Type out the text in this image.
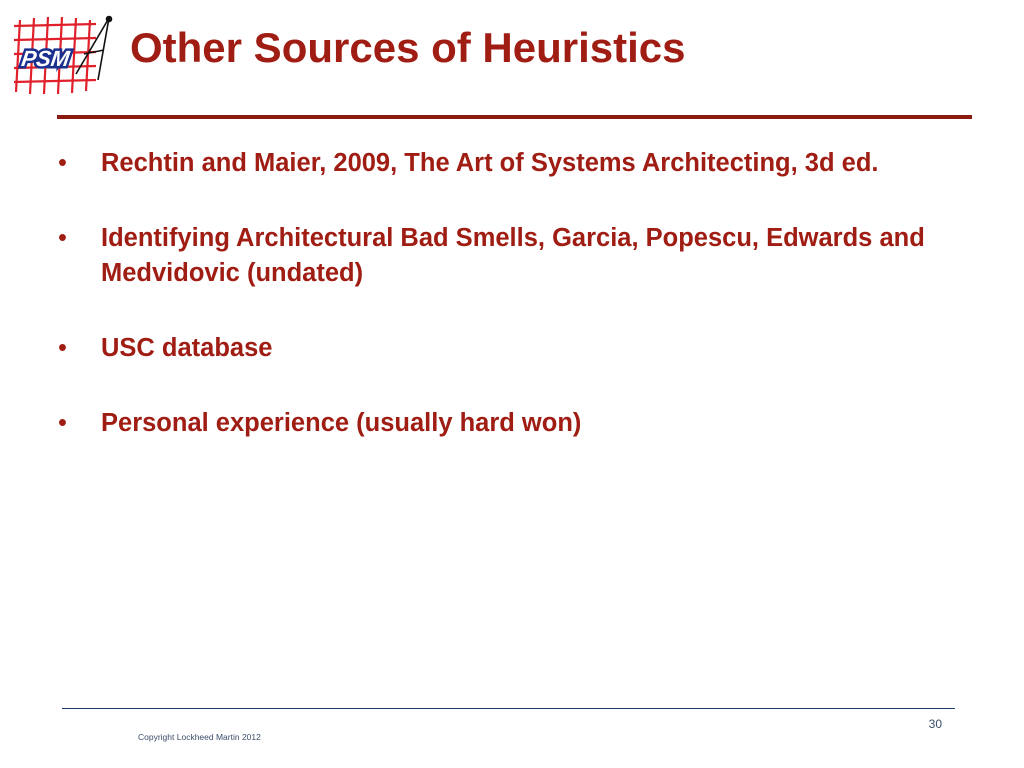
PSM Other Sources of Heuristics
• Rechtin and Maier, 2009, The Art of Systems Architecting, 3d ed.
• Identifying Architectural Bad Smells, Garcia, Popescu, Edwards and Medvidovic (undated)
• USC database
• Personal experience (usually hard won)
30
Copyright Lockheed Martin 2012
